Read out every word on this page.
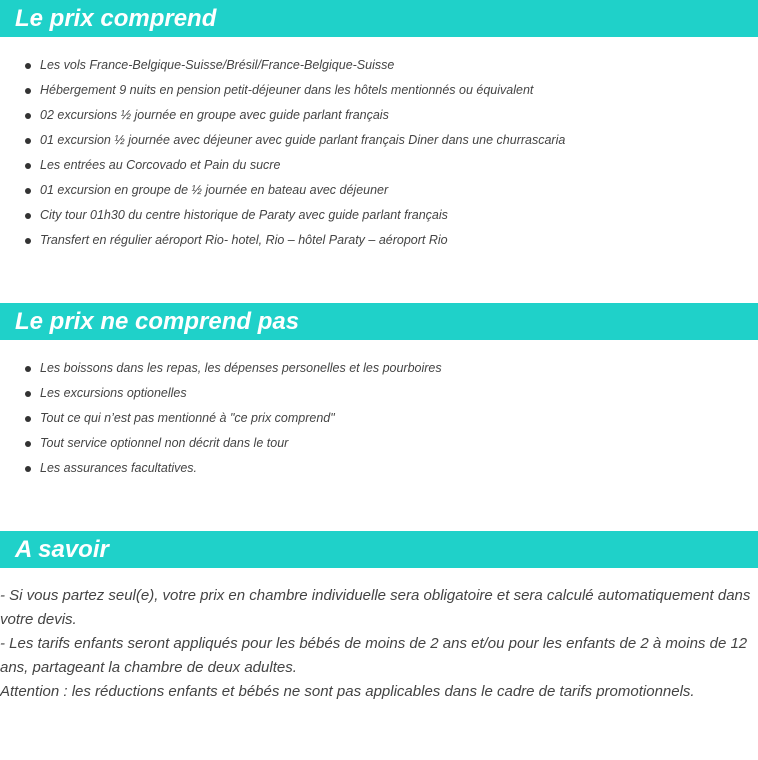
Le prix comprend
Les vols France-Belgique-Suisse/Brésil/France-Belgique-Suisse
Hébergement 9 nuits en pension petit-déjeuner dans les hôtels mentionnés ou équivalent
02 excursions ½ journée en groupe avec guide parlant français
01 excursion ½ journée avec déjeuner avec guide parlant français Diner dans une churrascaria
Les entrées au Corcovado et Pain du sucre
01 excursion en groupe de ½ journée en bateau avec déjeuner
City tour 01h30 du centre historique de Paraty avec guide parlant français
Transfert en régulier aéroport Rio- hotel, Rio – hôtel Paraty – aéroport Rio
Le prix ne comprend pas
Les boissons dans les repas, les dépenses personelles et les pourboires
Les excursions optionelles
Tout ce qui n’est pas mentionné à "ce prix comprend"
Tout service optionnel non décrit dans le tour
Les assurances facultatives.
A savoir

- Si vous partez seul(e), votre prix en chambre individuelle sera obligatoire et sera calculé automatiquement dans votre devis.

- Les tarifs enfants seront appliqués pour les bébés de moins de 2 ans et/ou pour les enfants de 2 à moins de 12 ans, partageant la chambre de deux adultes.

Attention : les réductions enfants et bébés ne sont pas applicables dans le cadre de tarifs promotionnels.
